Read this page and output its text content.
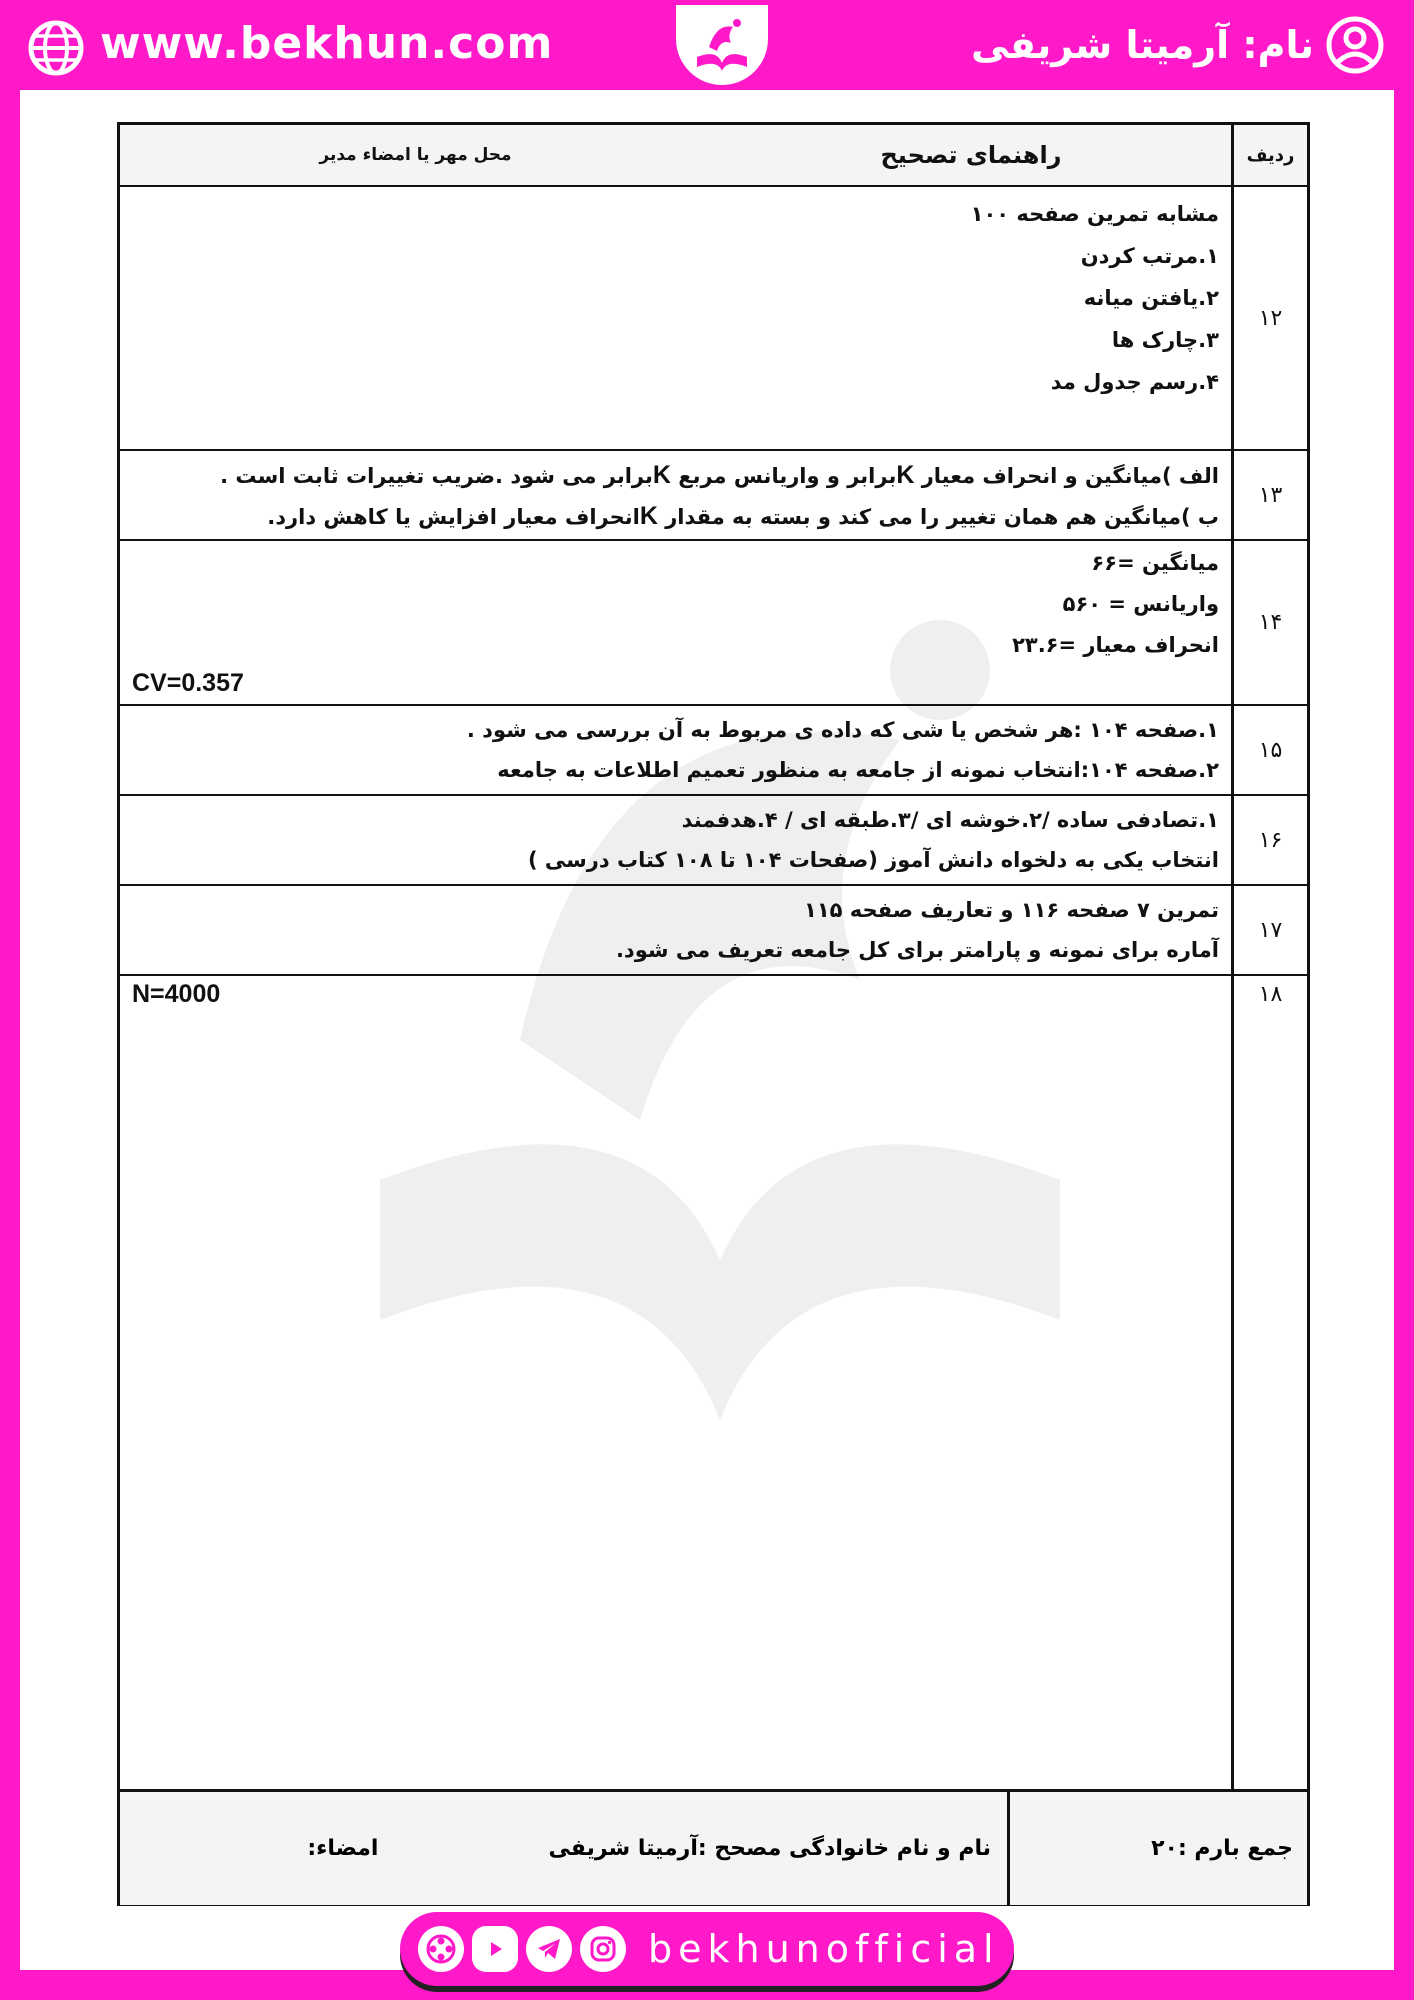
www.bekhun.com	نام: آرمیتا شریفی
ردیف
راهنمای تصحیح
محل مهر یا امضاء مدیر
۱۲
مشابه تمرین صفحه ۱۰۰
۱.مرتب کردن
۲.یافتن میانه
۳.چارک ها
۴.رسم جدول مد
۱۳
الف )میانگین و انحراف معیار Kبرابر و واریانس مربع Kبرابر می شود .ضریب تغییرات ثابت است .
ب )میانگین هم همان تغییر را می کند و بسته به مقدار Kانحراف معیار افزایش یا کاهش دارد.
۱۴
میانگین =۶۶
واریانس = ۵۶۰
انحراف معیار =۲۳.۶
CV=0.357
۱۵
۱.صفحه ۱۰۴ :هر شخص یا شی که داده ی مربوط به آن بررسی می شود .
۲.صفحه ۱۰۴:انتخاب نمونه از جامعه به منظور تعمیم اطلاعات به جامعه
۱۶
۱.تصادفی ساده /۲.خوشه ای /۳.طبقه ای / ۴.هدفمند
انتخاب یکی به دلخواه دانش آموز (صفحات ۱۰۴ تا ۱۰۸ کتاب درسی )
۱۷
تمرین ۷ صفحه ۱۱۶ و تعاریف صفحه ۱۱۵
آماره برای نمونه و پارامتر برای کل جامعه تعریف می شود.
۱۸
N=4000
جمع بارم :۲۰
نام و نام خانوادگی مصحح :آرمیتا شریفی
امضاء:
bekhunofficial
